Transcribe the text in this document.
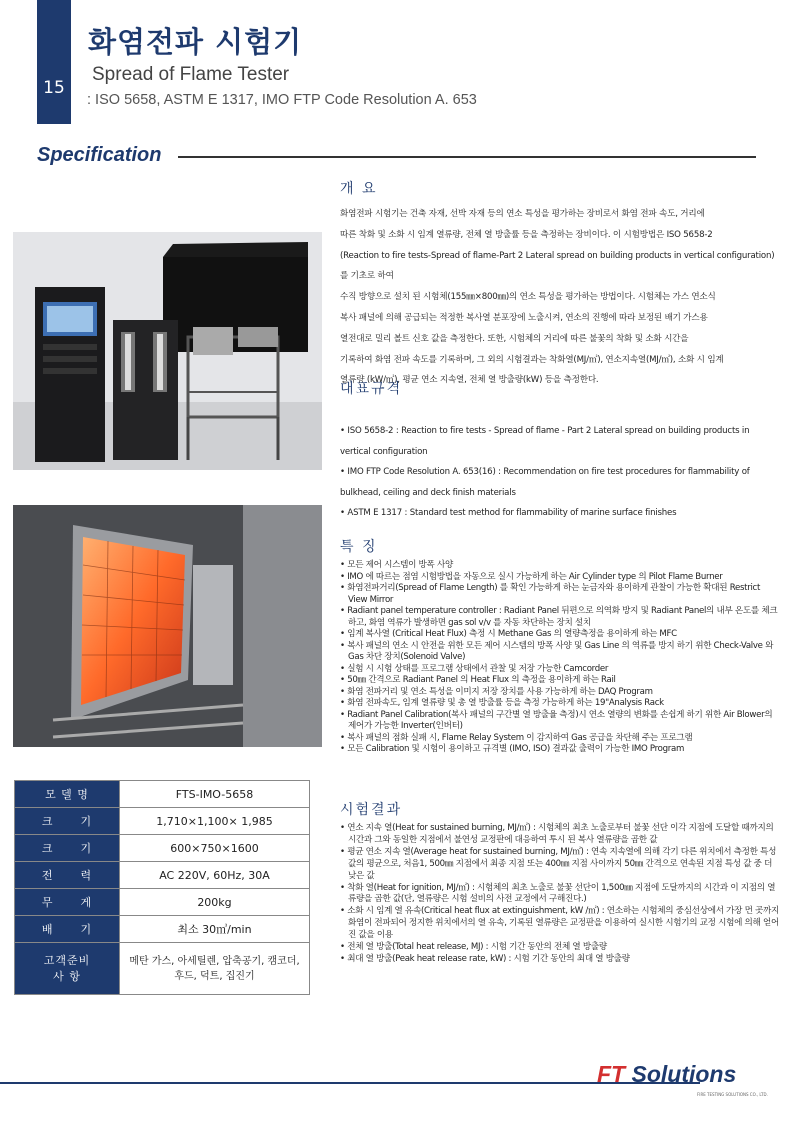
15
화염전파 시험기
Spread of Flame Tester
: ISO 5658, ASTM E 1317, IMO FTP Code Resolution A. 653
Specification
개 요
화염전파 시험기는 건축 자재, 선박 자재 등의 연소 특성을 평가하는 장비로서 화염 전파 속도, 거리에
따른 착화 및 소화 시 임계 열류량, 전체 열 방출률 등을 측정하는 장비이다. 이 시험방법은 ISO 5658-2
(Reaction to fire tests-Spread of flame-Part 2 Lateral spread on building products in vertical configuration) 를 기초로 하여
수직 방향으로 설치 된 시험체(155㎜×800㎜)의 연소 특성을 평가하는 방법이다. 시험체는 가스 연소식
복사 패널에 의해 공급되는 적정한 복사열 분포장에 노출시켜, 연소의 진행에 따라 보정된 배기 가스용
열전대로 밀리 볼트 신호 값을 측정한다. 또한, 시험체의 거리에 따른 불꽃의 착화 및 소화 시간을
기록하여 화염 전파 속도를 기록하며, 그 외의 시험결과는 착화열(MJ/㎡), 연소지속열(MJ/㎡), 소화 시 임계
열류량 (kW/㎡), 평균 연소 지속열, 전체 열 방출량(kW) 등을 측정한다.
대표규격
• ISO 5658-2 : Reaction to fire tests - Spread of flame - Part 2 Lateral spread on building products in vertical configuration
• IMO FTP Code Resolution A. 653(16) : Recommendation on fire test procedures for flammability of bulkhead, ceiling and deck finish materials
• ASTM E 1317 : Standard test method for flammability of marine surface finishes
특 징
• 모든 제어 시스템이 방폭 사양
• IMO 에 따르는 점염 시험방법을 자동으로 실시 가능하게 하는 Air Cylinder type 의 Pilot Flame Burner
• 화염전파거리(Spread of Flame Length) 를 확인 가능하게 하는 눈금자와 용이하게 관찰이 가능한 확대된 Restrict View Mirror
• Radiant panel temperature controller : Radiant Panel 뒤편으로 의역화 방지 및 Radiant Panel의 내부 온도를 체크하고, 화염 역류가 발생하면 gas sol v/v 를 자동 차단하는 장치 설치
• 임계 복사열 (Critical Heat Flux) 측정 시 Methane Gas 의 열량측정을 용이하게 하는 MFC
• 복사 패널의 연소 시 안전을 위한 모든 제어 시스템의 방폭 사양 및 Gas Line 의 역류를 방지 하기 위한 Check-Valve 와 Gas 차단 장치(Solenoid Valve)
• 실험 시 시험 상태를 프로그램 상태에서 관찰 및 저장 가능한 Camcorder
• 50㎜ 간격으로 Radiant Panel 의 Heat Flux 의 측정을 용이하게 하는 Rail
• 화염 전파거리 및 연소 특성을 이미지 저장 장치를 사용 가능하게 하는 DAQ Program
• 화염 전파속도, 임계 열류량 및 총 열 방출률 등을 측정 가능하게 하는 19"Analysis Rack
• Radiant Panel Calibration(복사 패널의 구간별 열 방출율 측정)시 연소 열량의 변화를 손쉽게 하기 위한 Air Blower의 제어가 가능한 Inverter(인버터)
• 복사 패널의 점화 실패 시, Flame Relay System 이 감지하여 Gas 공급을 차단해 주는 프로그램
• 모든 Calibration 및 시험이 용이하고 규격별 (IMO, ISO) 결과값 출력이 가능한 IMO Program
시험결과
• 연소 지속 열(Heat for sustained burning, MJ/㎡) : 시험체의 최초 노출로부터 불꽃 선단 이각 지점에 도달할 때까지의 시간과 그와 동일한 지점에서 불연성 교정판에 대응하여 투시 된 복사 열류량을 곱한 값
• 평균 연소 지속 열(Average heat for sustained burning, MJ/㎡) : 연속 지속열에 의해 각기 다른 위치에서 측정한 특성 값의 평균으로, 처음1, 500㎜ 지점에서 최종 지점 또는 400㎜ 지점 사이까지 50㎜ 간격으로 연속된 지점 특성 값 중 더 낮은 값
• 착화 열(Heat for ignition, MJ/㎡) : 시험체의 최초 노출로 불꽃 선단이 1,500㎜ 지점에 도달까지의 시간과 이 지점의 열류량을 곱한 값(단, 열류량은 시험 설비의 사전 교정에서 구해진다.)
• 소화 시 임계 열 유속(Critical heat flux at extinguishment, kW /㎡) : 연소하는 시험체의 중심선상에서 가장 먼 곳까지 화염이 전파되어 정지한 위치에서의 열 유속, 기록된 열류량은 교정판을 이용하여 실시한 시험기의 교정 시험에 의해 얻어진 값을 이용
• 전체 열 방출(Total heat release, MJ) : 시험 기간 동안의 전체 열 방출량
• 최대 열 방출(Peak heat release rate, kW) : 시험 기간 동안의 최대 열 방출량
모 델 명	FTS-IMO-5658
크      기	1,710×1,100× 1,985
크      기	600×750×1600
전      력	AC 220V, 60Hz, 30A
무      게	200kg
배      기	최소 30㎥/min
고객준비
사 항	메탄 가스, 아세틸렌, 압축공기, 캠코더,
후드, 덕트, 집진기
FT Solutions
FIRE TESTING SOLUTIONS CO., LTD.
